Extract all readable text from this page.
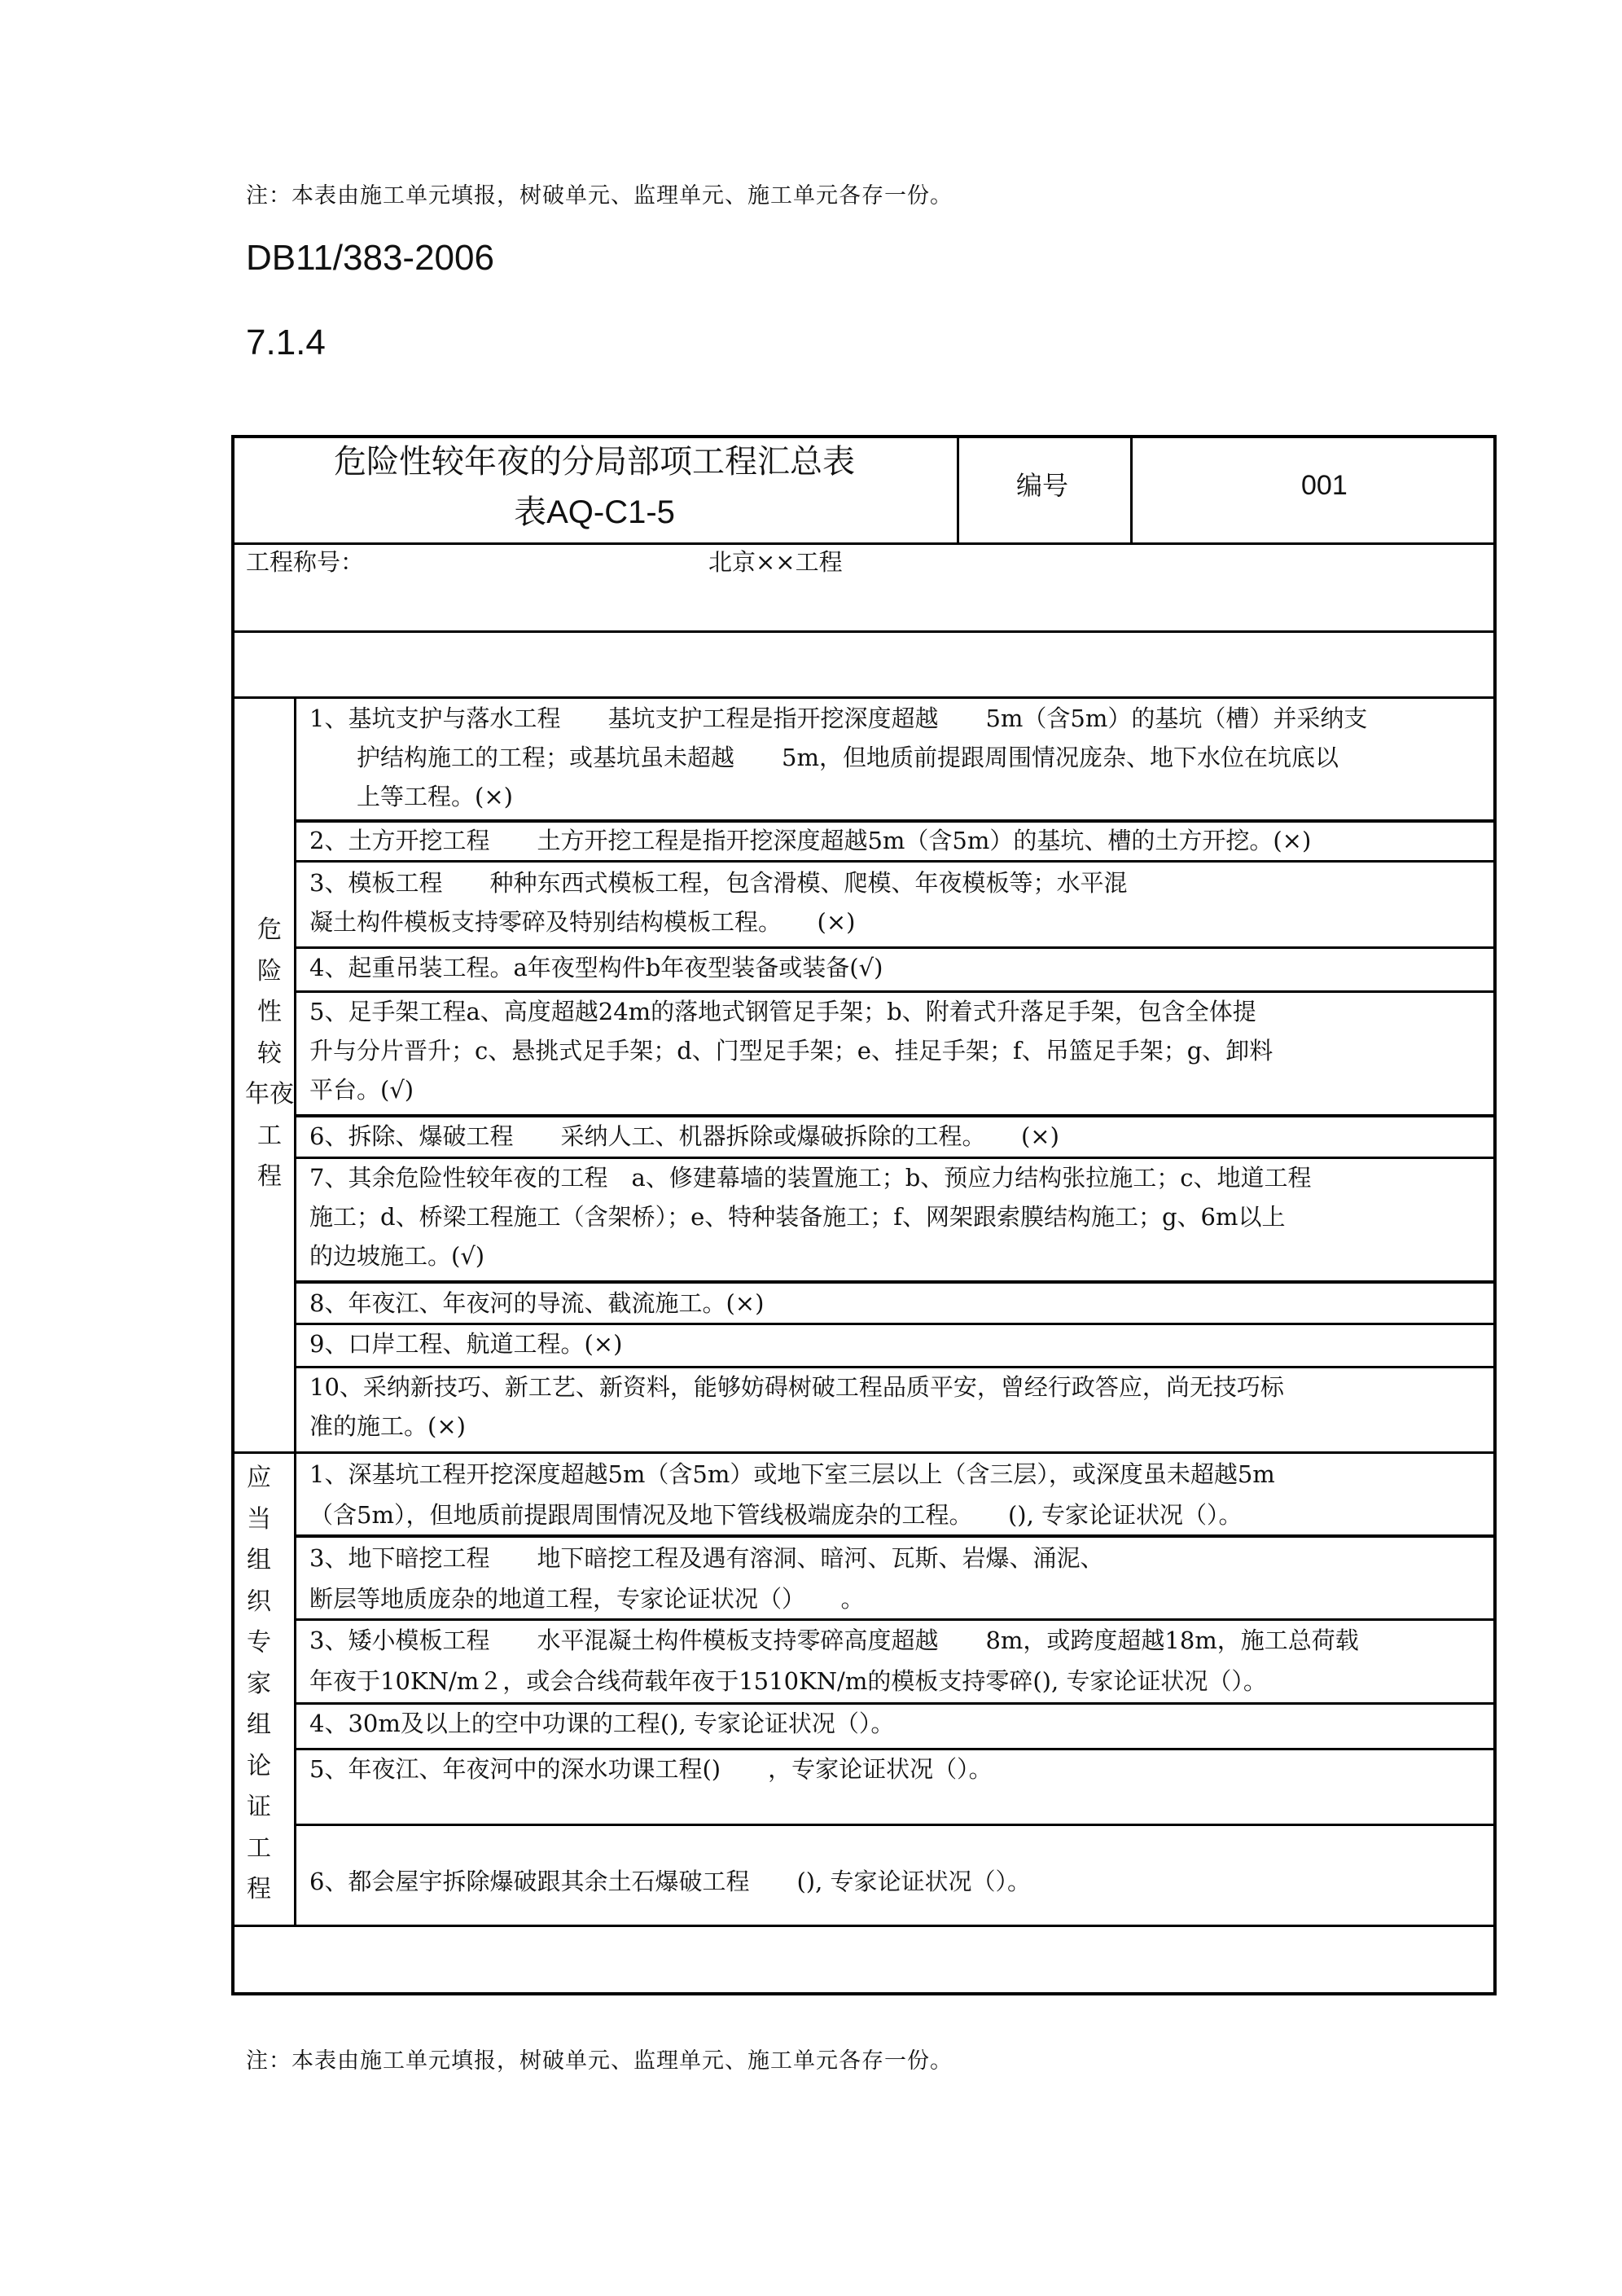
注：本表由施工单元填报，树破单元、监理单元、施工单元各存一份。
DB11/383-2006
7.1.4
危险性较年夜的分局部项工程汇总表
表AQ-C1-5
编号	001
工程称号：	北京××工程
危
险
性
较
年夜
工
程
应
当
组
织
专
家
组
论
证
工
程
1、基坑支护与落水工程　　基坑支护工程是指开挖深度超越　　5m（含5m）的基坑（槽）并采纳支
　　护结构施工的工程；或基坑虽未超越　　5m，但地质前提跟周围情况庞杂、地下水位在坑底以
　　上等工程。(×)
2、土方开挖工程　　土方开挖工程是指开挖深度超越5m（含5m）的基坑、槽的土方开挖。(×)
3、模板工程　　种种东西式模板工程，包含滑模、爬模、年夜模板等；水平混
凝土构件模板支持零碎及特别结构模板工程。　　(×)
4、起重吊装工程。a年夜型构件b年夜型装备或装备(√)
5、足手架工程a、高度超越24m的落地式钢管足手架；b、附着式升落足手架，包含全体提
升与分片晋升；c、悬挑式足手架；d、门型足手架；e、挂足手架；f、吊篮足手架；g、卸料
平台。(√)
6、拆除、爆破工程　　采纳人工、机器拆除或爆破拆除的工程。　　(×)
7、其余危险性较年夜的工程　a、修建幕墙的装置施工；b、预应力结构张拉施工；c、地道工程
施工；d、桥梁工程施工（含架桥）；e、特种装备施工；f、网架跟索膜结构施工；g、6m以上
的边坡施工。(√)
8、年夜江、年夜河的导流、截流施工。(×)
9、口岸工程、航道工程。(×)
10、采纳新技巧、新工艺、新资料，能够妨碍树破工程品质平安，曾经行政答应，尚无技巧标
准的施工。(×)
1、深基坑工程开挖深度超越5m（含5m）或地下室三层以上（含三层），或深度虽未超越5m
（含5m），但地质前提跟周围情况及地下管线极端庞杂的工程。　　(), 专家论证状况（）。
3、地下暗挖工程　　地下暗挖工程及遇有溶洞、暗河、瓦斯、岩爆、涌泥、
断层等地质庞杂的地道工程，专家论证状况（）　　。
3、矮小模板工程　　水平混凝土构件模板支持零碎高度超越　　8m，或跨度超越18m，施工总荷载
年夜于10KN/m２，或会合线荷载年夜于1510KN/m的模板支持零碎(), 专家论证状况（）。
4、30m及以上的空中功课的工程(), 专家论证状况（）。
5、年夜江、年夜河中的深水功课工程()　　，专家论证状况（）。
6、都会屋宇拆除爆破跟其余土石爆破工程　　(), 专家论证状况（）。
注：本表由施工单元填报，树破单元、监理单元、施工单元各存一份。
